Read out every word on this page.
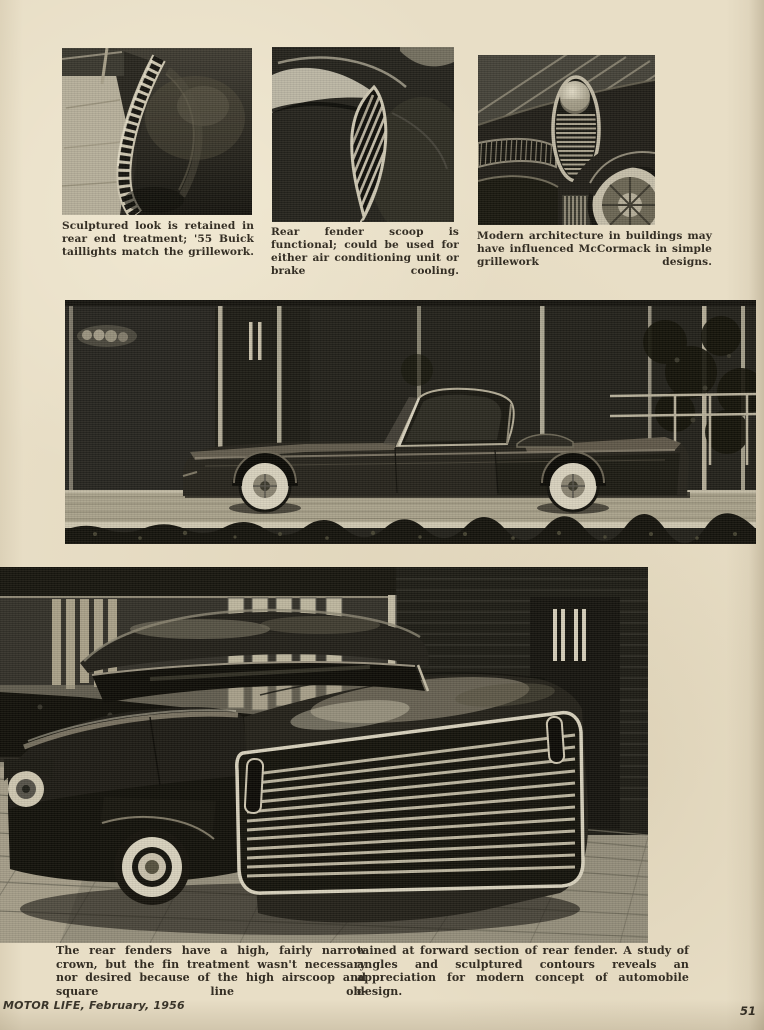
Sculptured look is retained in rear end treatment; '55 Buick taillights match the grillework.

Rear fender scoop is functional; could be used for either air conditioning unit or brake cooling.

Modern architecture in buildings may have influenced McCormack in simple grillework designs.

The rear fenders have a high, fairly narrow crown, but the fin treatment wasn't necessary nor desired because of the high airscoop and square line ob-

tained at forward section of rear fender. A study of angles and sculptured contours reveals an appreciation for modern concept of automobile design.

MOTOR LIFE, February, 1956	51
